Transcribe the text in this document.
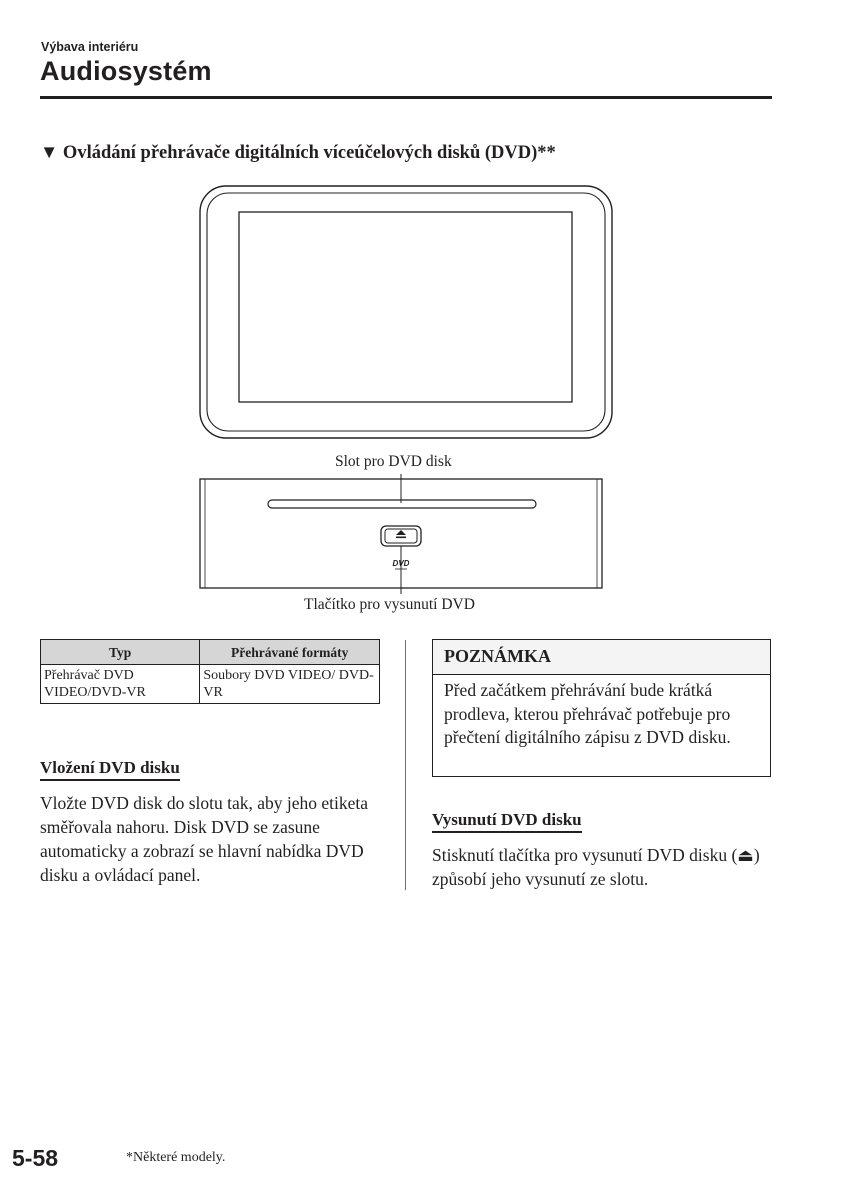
Výbava interiéru
Audiosystém
▼ Ovládání přehrávače digitálních víceúčelových disků (DVD)**
DVD
Slot pro DVD disk
Tlačítko pro vysunutí DVD
Typ	Přehrávané formáty
Přehrávač DVD VIDEO/DVD-VR	Soubory DVD VIDEO/ DVD-VR
Vložení DVD disku
Vložte DVD disk do slotu tak, aby jeho etiketa směřovala nahoru. Disk DVD se zasune automaticky a zobrazí se hlavní nabídka DVD disku a ovládací panel.
POZNÁMKA
Před začátkem přehrávání bude krátká prodleva, kterou přehrávač potřebuje pro přečtení digitálního zápisu z DVD disku.
Vysunutí DVD disku
Stisknutí tlačítka pro vysunutí DVD disku (⏏) způsobí jeho vysunutí ze slotu.
5-58	*Některé modely.
